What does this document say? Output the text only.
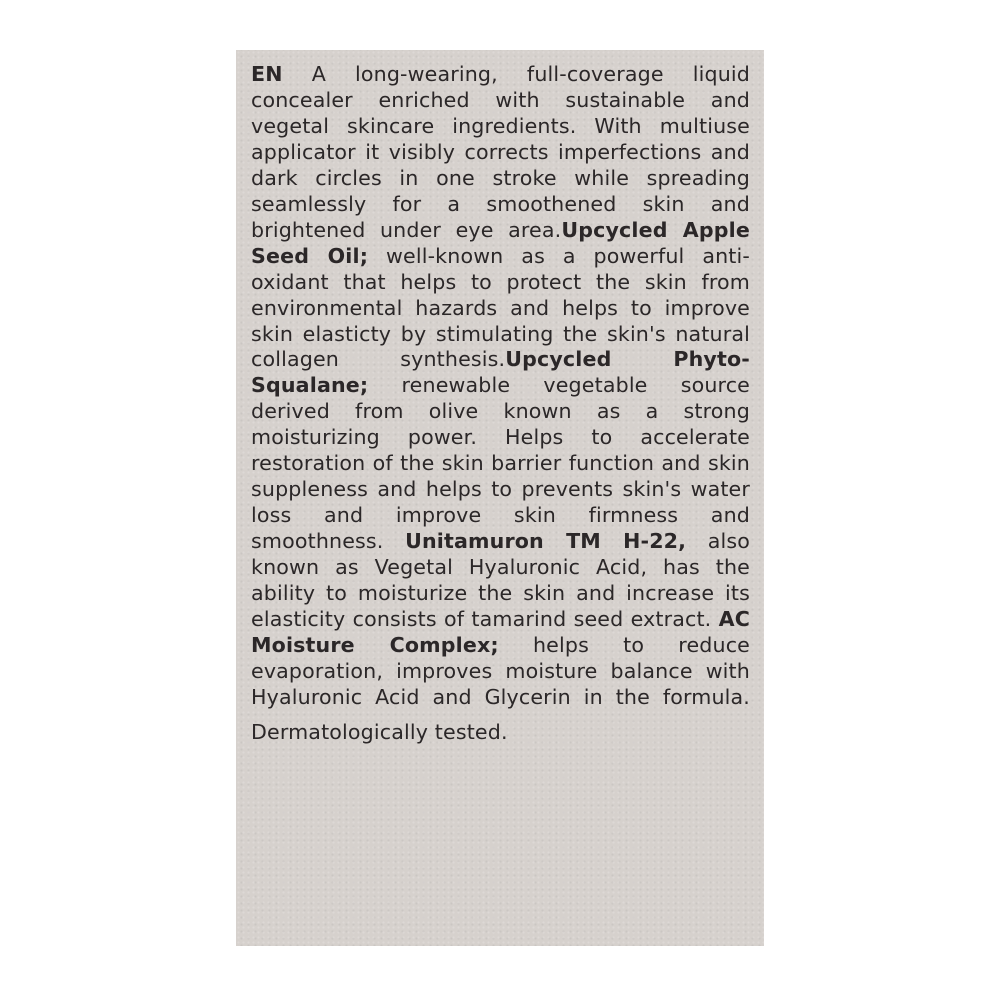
EN A long-wearing, full-coverage liquid concealer enriched with sustainable and vegetal skincare ingredients. With multiuse applicator it visibly corrects imperfections and dark circles in one stroke while spreading seamlessly for a smoothened skin and brightened under eye area.Upcycled Apple Seed Oil; well-known as a powerful anti-oxidant that helps to protect the skin from environmental hazards and helps to improve skin elasticty by stimulating the skin's natural collagen synthesis.Upcycled Phyto-Squalane; renewable vegetable source derived from olive known as a strong moisturizing power. Helps to accelerate restoration of the skin barrier function and skin suppleness and helps to prevents skin's water loss and improve skin firmness and smoothness. Unitamuron TM H-22, also known as Vegetal Hyaluronic Acid, has the ability to moisturize the skin and increase its elasticity consists of tamarind seed extract. AC Moisture Complex; helps to reduce evaporation, improves moisture balance with Hyaluronic Acid and Glycerin in the formula.

Dermatologically tested.
